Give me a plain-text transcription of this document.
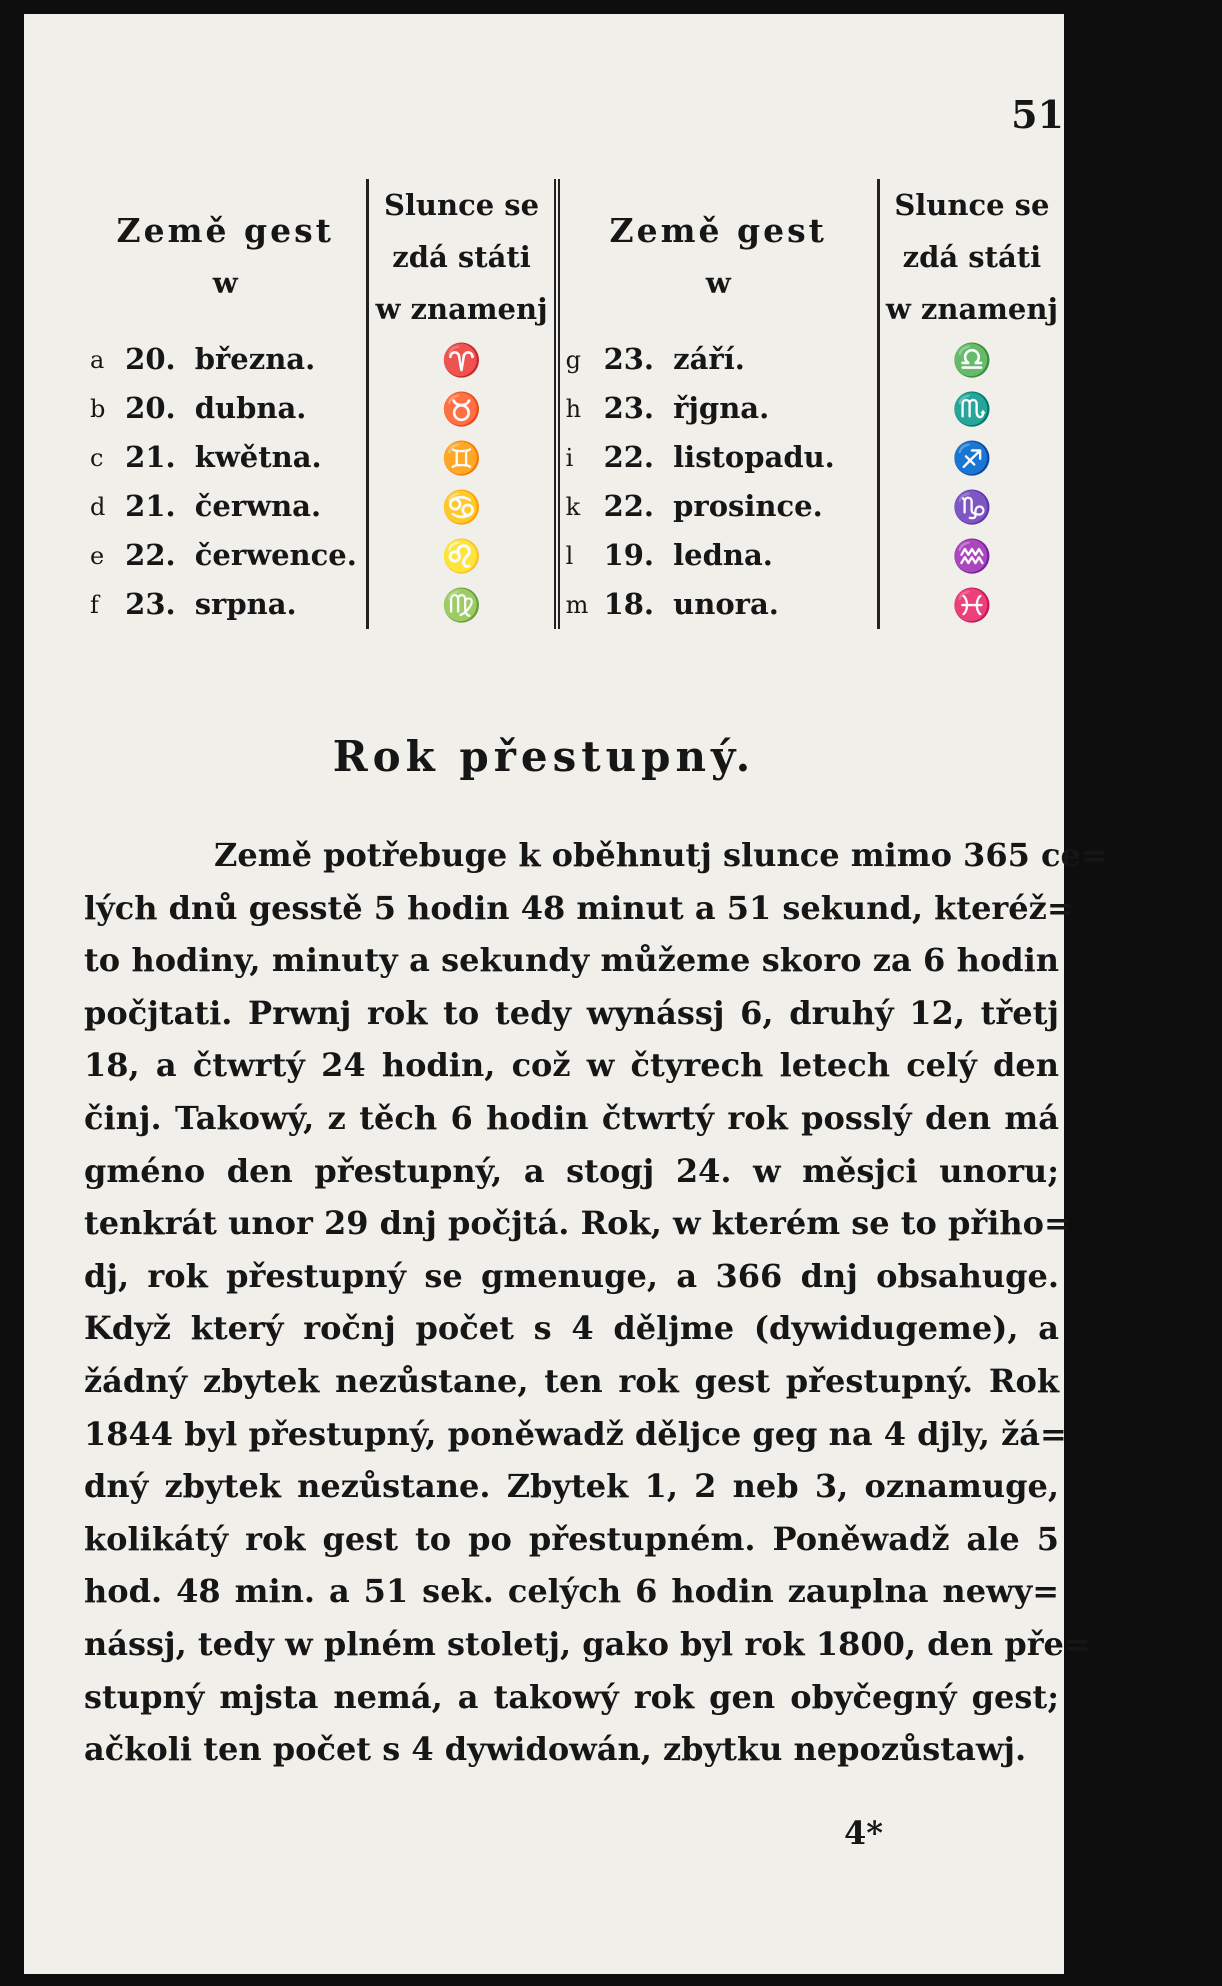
51
Země gest
w			Slunce se
zdá státi
w znamenj	Země gest
w			Slunce se
zdá státi
w znamenj

a	20.	března.	♈	g	23.	září.	♎
b	20.	dubna.	♉	h	23.	řjgna.	♏
c	21.	kwětna.	♊	i	22.	listopadu.	♐
d	21.	čerwna.	♋	k	22.	prosince.	♑
e	22.	čerwence.	♌	l	19.	ledna.	♒
f	23.	srpna.	♍	m	18.	unora.	♓
Rok přestupný.
Země potřebuge k oběhnutj slunce mimo 365 ce=
lých dnů gesstě 5 hodin 48 minut a 51 sekund, kteréž=
to hodiny, minuty a sekundy můžeme skoro za 6 hodin
počjtati. Prwnj rok to tedy wynássj 6, druhý 12, třetj
18, a čtwrtý 24 hodin, což w čtyrech letech celý den
činj. Takowý, z těch 6 hodin čtwrtý rok posslý den má
gméno den přestupný, a stogj 24. w měsjci unoru;
tenkrát unor 29 dnj počjtá. Rok, w kterém se to přiho=
dj, rok přestupný se gmenuge, a 366 dnj obsahuge.
Když který ročnj počet s 4 děljme (dywidugeme), a
žádný zbytek nezůstane, ten rok gest přestupný. Rok
1844 byl přestupný, poněwadž děljce geg na 4 djly, žá=
dný zbytek nezůstane. Zbytek 1, 2 neb 3, oznamuge,
kolikátý rok gest to po přestupném. Poněwadž ale 5
hod. 48 min. a 51 sek. celých 6 hodin zauplna newy=
nássj, tedy w plném stoletj, gako byl rok 1800, den pře=
stupný mjsta nemá, a takowý rok gen obyčegný gest;
ačkoli ten počet s 4 dywidowán, zbytku nepozůstawj.
4*
